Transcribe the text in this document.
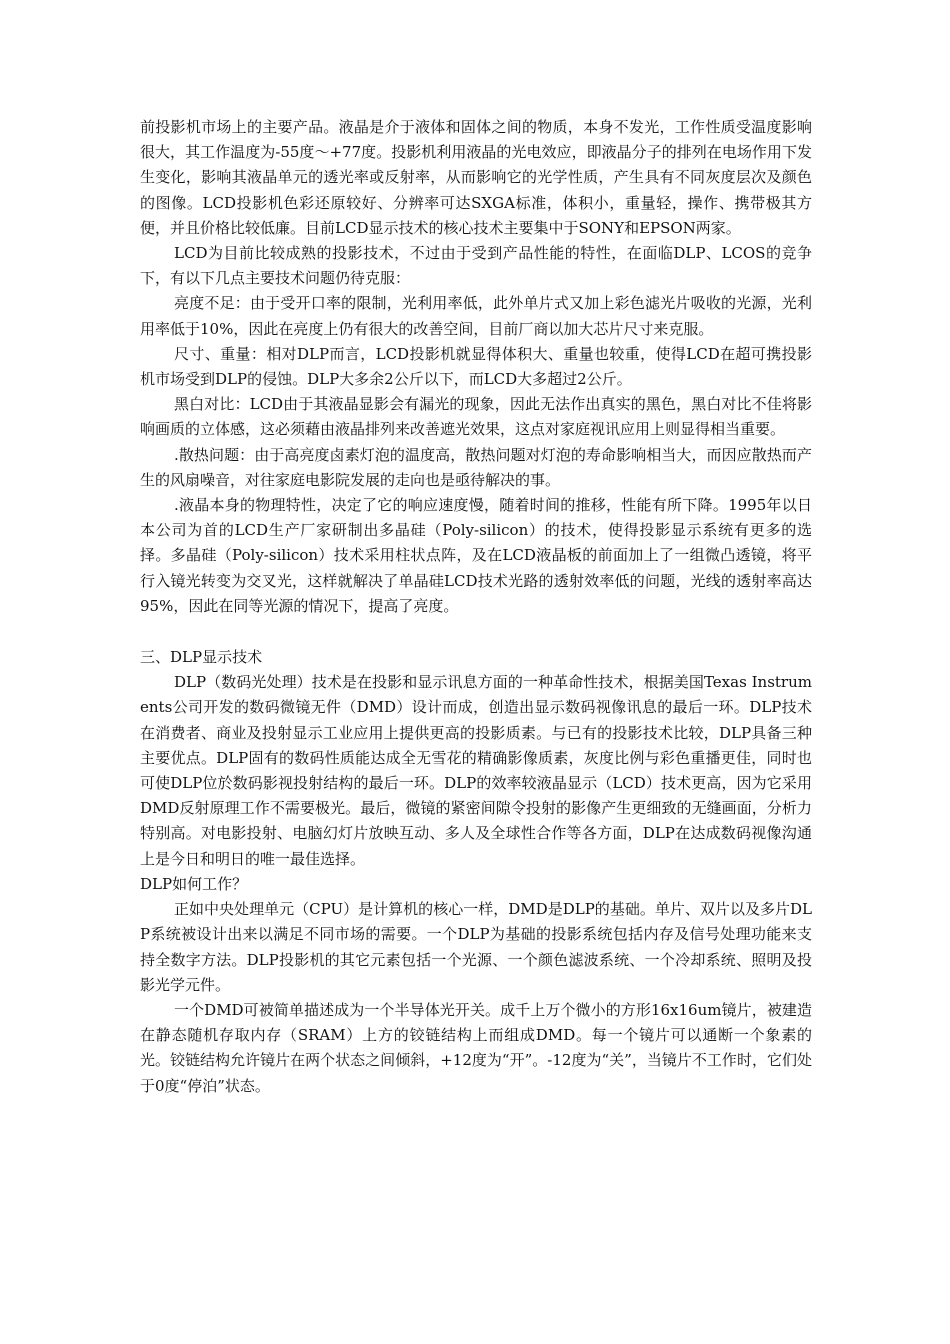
前投影机市场上的主要产品。液晶是介于液体和固体之间的物质，本身不发光，工作性质受温度影响很大，其工作温度为-55度～+77度。投影机利用液晶的光电效应，即液晶分子的排列在电场作用下发生变化，影响其液晶单元的透光率或反射率，从而影响它的光学性质，产生具有不同灰度层次及颜色的图像。LCD投影机色彩还原较好、分辨率可达SXGA标准，体积小，重量轻，操作、携带极其方便，并且价格比较低廉。目前LCD显示技术的核心技术主要集中于SONY和EPSON两家。

LCD为目前比较成熟的投影技术，不过由于受到产品性能的特性，在面临DLP、LCOS的竞争下，有以下几点主要技术问题仍待克服：

亮度不足：由于受开口率的限制，光利用率低，此外单片式又加上彩色滤光片吸收的光源，光利用率低于10%，因此在亮度上仍有很大的改善空间，目前厂商以加大芯片尺寸来克服。

尺寸、重量：相对DLP而言，LCD投影机就显得体积大、重量也较重，使得LCD在超可携投影机市场受到DLP的侵蚀。DLP大多余2公斤以下，而LCD大多超过2公斤。

黑白对比：LCD由于其液晶显影会有漏光的现象，因此无法作出真实的黑色，黑白对比不佳将影响画质的立体感，这必须藉由液晶排列来改善遮光效果，这点对家庭视讯应用上则显得相当重要。

.散热问题：由于高亮度卤素灯泡的温度高，散热问题对灯泡的寿命影响相当大，而因应散热而产生的风扇噪音，对往家庭电影院发展的走向也是亟待解决的事。

.液晶本身的物理特性，决定了它的响应速度慢，随着时间的推移，性能有所下降。1995年以日本公司为首的LCD生产厂家研制出多晶硅（Poly-silicon）的技术，使得投影显示系统有更多的选择。多晶硅（Poly-silicon）技术采用柱状点阵，及在LCD液晶板的前面加上了一组微凸透镜，将平行入镜光转变为交叉光，这样就解决了单晶硅LCD技术光路的透射效率低的问题，光线的透射率高达95%，因此在同等光源的情况下，提高了亮度。

三、DLP显示技术

DLP（数码光处理）技术是在投影和显示讯息方面的一种革命性技术，根据美国Texas Instruments公司开发的数码微镜无件（DMD）设计而成，创造出显示数码视像讯息的最后一环。DLP技术在消费者、商业及投射显示工业应用上提供更高的投影质素。与已有的投影技术比较，DLP具备三种主要优点。DLP固有的数码性质能达成全无雪花的精确影像质素，灰度比例与彩色重播更佳，同时也可使DLP位於数码影视投射结构的最后一环。DLP的效率较液晶显示（LCD）技术更高，因为它采用DMD反射原理工作不需要极光。最后，微镜的紧密间隙令投射的影像产生更细致的无缝画面，分析力特别高。对电影投射、电脑幻灯片放映互动、多人及全球性合作等各方面，DLP在达成数码视像沟通上是今日和明日的唯一最佳选择。

DLP如何工作？

正如中央处理单元（CPU）是计算机的核心一样，DMD是DLP的基础。单片、双片以及多片DLP系统被设计出来以满足不同市场的需要。一个DLP为基础的投影系统包括内存及信号处理功能来支持全数字方法。DLP投影机的其它元素包括一个光源、一个颜色滤波系统、一个冷却系统、照明及投影光学元件。

一个DMD可被简单描述成为一个半导体光开关。成千上万个微小的方形16x16um镜片，被建造在静态随机存取内存（SRAM）上方的铰链结构上而组成DMD。每一个镜片可以通断一个象素的光。铰链结构允许镜片在两个状态之间倾斜，+12度为“开”。-12度为“关”，当镜片不工作时，它们处于0度“停泊”状态。
